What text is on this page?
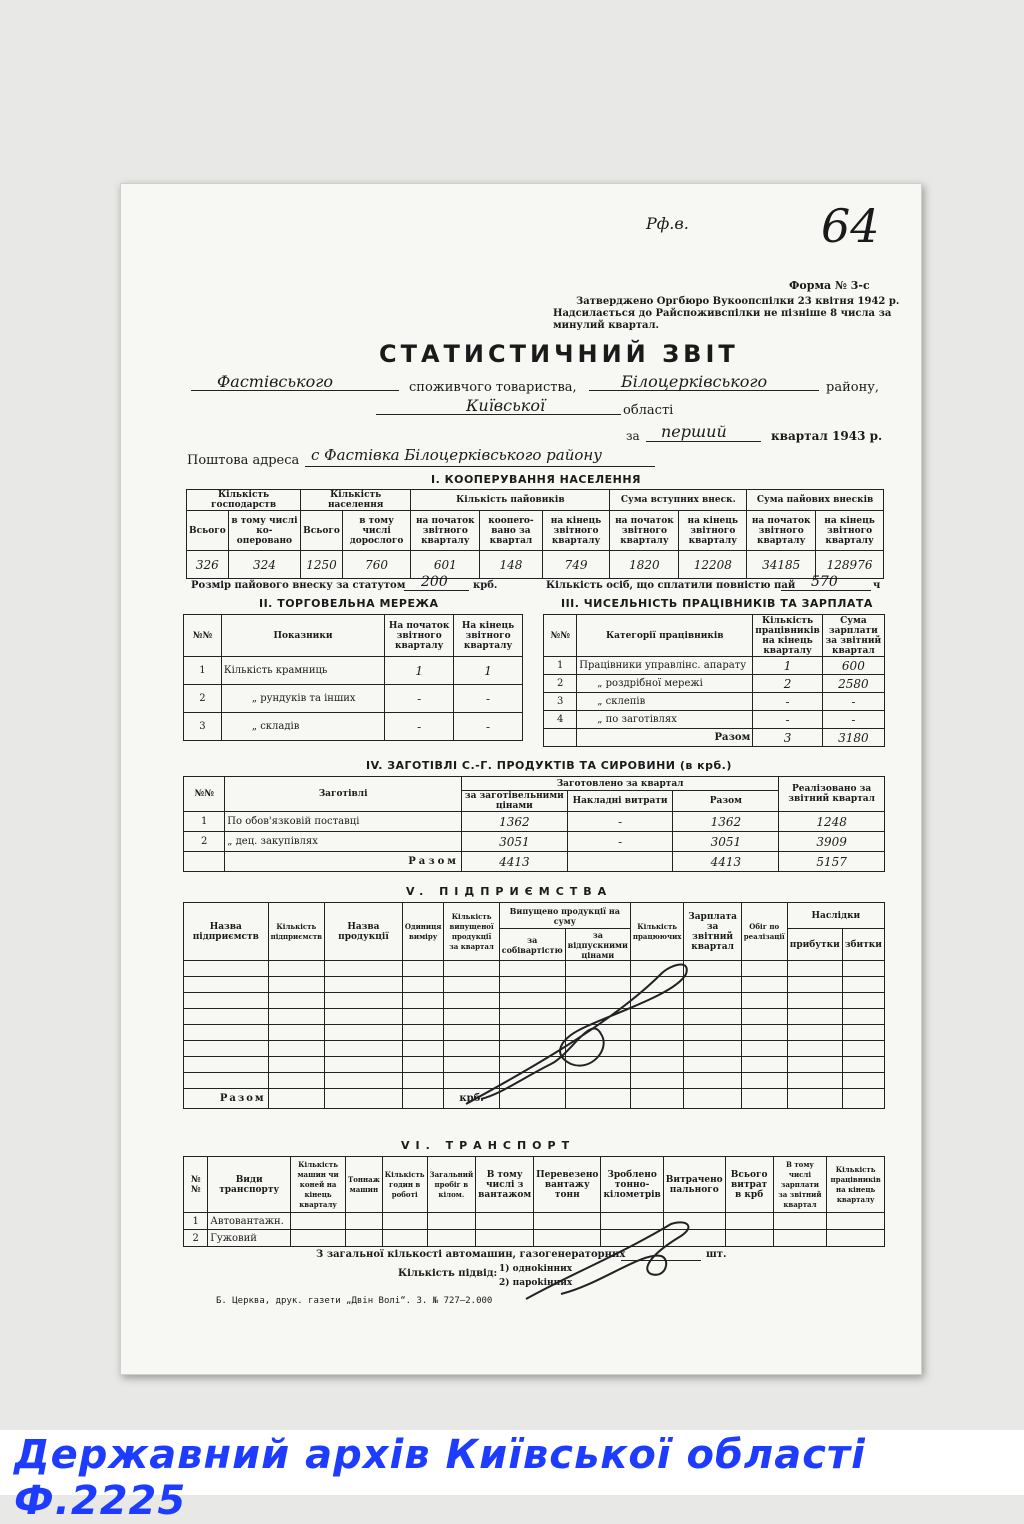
Рф.в.	64
Форма № 3-с
Затверджено Оргбюро Вукоопспілки 23 квітня 1942 р.
Надсилається до Райспоживспілки не пізніше 8 числа за
минулий квартал.
СТАТИСТИЧНИЙ ЗВІТ
Фастівського	споживчого товариства,	Білоцерківського	району,
Київської	області
за перший	квартал 1943 р.
Поштова адреса с Фастівка Білоцерківського району
І. КООПЕРУВАННЯ НАСЕЛЕННЯ
Кількість господарств		Кількість населення		Кількість пайовиків			Сума вступних внеск.		Сума пайових внесків	
Всього	в тому числі ко-оперовано	Всього	в тому числі дорослого	на початок звітного кварталу	коопero-вано за квартал	на кінець звітного кварталу	на початок звітного кварталу	на кінець звітного кварталу	на початок звітного кварталу	на кінець звітного кварталу
326	324	1250	760	601	148	749	1820	12208	34185	128976
Розмір пайового внеску за статутом 200	крб.	Кількість осіб, що сплатили повністю пай 570	ч
ІІ. ТОРГОВЕЛЬНА МЕРЕЖА
№№	Показники	На початок звітного кварталу	На кінець звітного кварталу
1	Кількість крамниць	1	1
2	„ рундуків та інших	-	-
3	„ складів	-	-
ІІІ. ЧИСЕЛЬНІСТЬ ПРАЦІВНИКІВ ТА ЗАРПЛАТА
№№	Категорії працівників	Кількість працівників на кінець кварталу	Сума зарплати за звітний квартал
1	Працівники управлінс. апарату	1	600
2	„ роздрібної мережі	2	2580
3	„ склепів	-	-
4	„ по заготівлях	-	-
	Разом	3	3180
IV. ЗАГОТІВЛІ С.-Г. ПРОДУКТІВ ТА СИРОВИНИ (в крб.)
№№	Заготівлі	Заготовлено за квартал			Реалізовано за звітний квартал
		за заготівельними цінами	Накладні витрати	Разом	
1	По обов'язковій поставці	1362	-	1362	1248
2	„ дец. закупівлях	3051	-	3051	3909
	Разом	4413		4413	5157
V. ПІДПРИЄМСТВА
Назва підприємств	Кількість підприємств	Назва продукції	Одиниця виміру	Кількість випущеної продукції за квартал	Випущено продукції на суму		Кількість працюючих	Зарплата за звітний квартал	Обіг по реалізації	Наслідки	
					за собівартістю	за відпускними цінами				прибутки	збитки

Разом				крб.							
VI. ТРАНСПОРТ
№№	Види транспорту	Кількість машин чи коней на кінець кварталу	Тоннаж машин	Кількість годин в роботі	Загальний пробіг в кілом.	В тому числі з вантажом	Перевезено вантажу тонн	Зроблено тонно-кілометрів	Витрачено пального	Всього витрат в крб	В тому числі зарплати за звітний квартал	Кількість працівників на кінець кварталу
1	Автовантажн.											
2	Гужовий											
З загальної кількості автомашин, газогенераторних	шт.
Кількість підвід: 1) одноkінних
2) пароkінних
Б. Церква, друк. газети „Двін Волі“. З. № 727—2.000
Державний архів Київської області Ф.2225
